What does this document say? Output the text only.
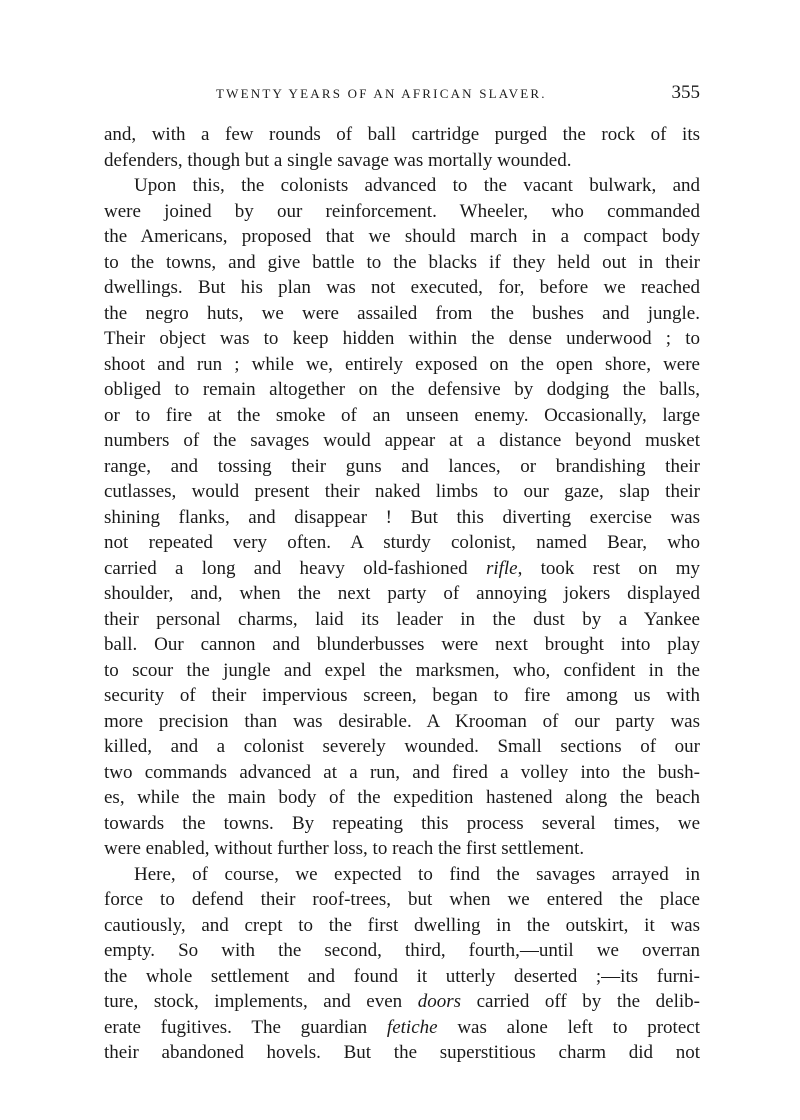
TWENTY YEARS OF AN AFRICAN SLAVER.	355
and, with a few rounds of ball cartridge purged the rock of its
defenders, though but a single savage was mortally wounded.
Upon this, the colonists advanced to the vacant bulwark, and
were joined by our reinforcement. Wheeler, who commanded
the Americans, proposed that we should march in a compact body
to the towns, and give battle to the blacks if they held out in their
dwellings. But his plan was not executed, for, before we reached
the negro huts, we were assailed from the bushes and jungle.
Their object was to keep hidden within the dense underwood ; to
shoot and run ; while we, entirely exposed on the open shore, were
obliged to remain altogether on the defensive by dodging the balls,
or to fire at the smoke of an unseen enemy. Occasionally, large
numbers of the savages would appear at a distance beyond musket
range, and tossing their guns and lances, or brandishing their
cutlasses, would present their naked limbs to our gaze, slap their
shining flanks, and disappear ! But this diverting exercise was
not repeated very often. A sturdy colonist, named Bear, who
carried a long and heavy old-fashioned rifle, took rest on my
shoulder, and, when the next party of annoying jokers displayed
their personal charms, laid its leader in the dust by a Yankee
ball. Our cannon and blunderbusses were next brought into play
to scour the jungle and expel the marksmen, who, confident in the
security of their impervious screen, began to fire among us with
more precision than was desirable. A Krooman of our party was
killed, and a colonist severely wounded. Small sections of our
two commands advanced at a run, and fired a volley into the bush-
es, while the main body of the expedition hastened along the beach
towards the towns. By repeating this process several times, we
were enabled, without further loss, to reach the first settlement.
Here, of course, we expected to find the savages arrayed in
force to defend their roof-trees, but when we entered the place
cautiously, and crept to the first dwelling in the outskirt, it was
empty. So with the second, third, fourth,—until we overran
the whole settlement and found it utterly deserted ;—its furni-
ture, stock, implements, and even doors carried off by the delib-
erate fugitives. The guardian fetiche was alone left to protect
their abandoned hovels. But the superstitious charm did not
